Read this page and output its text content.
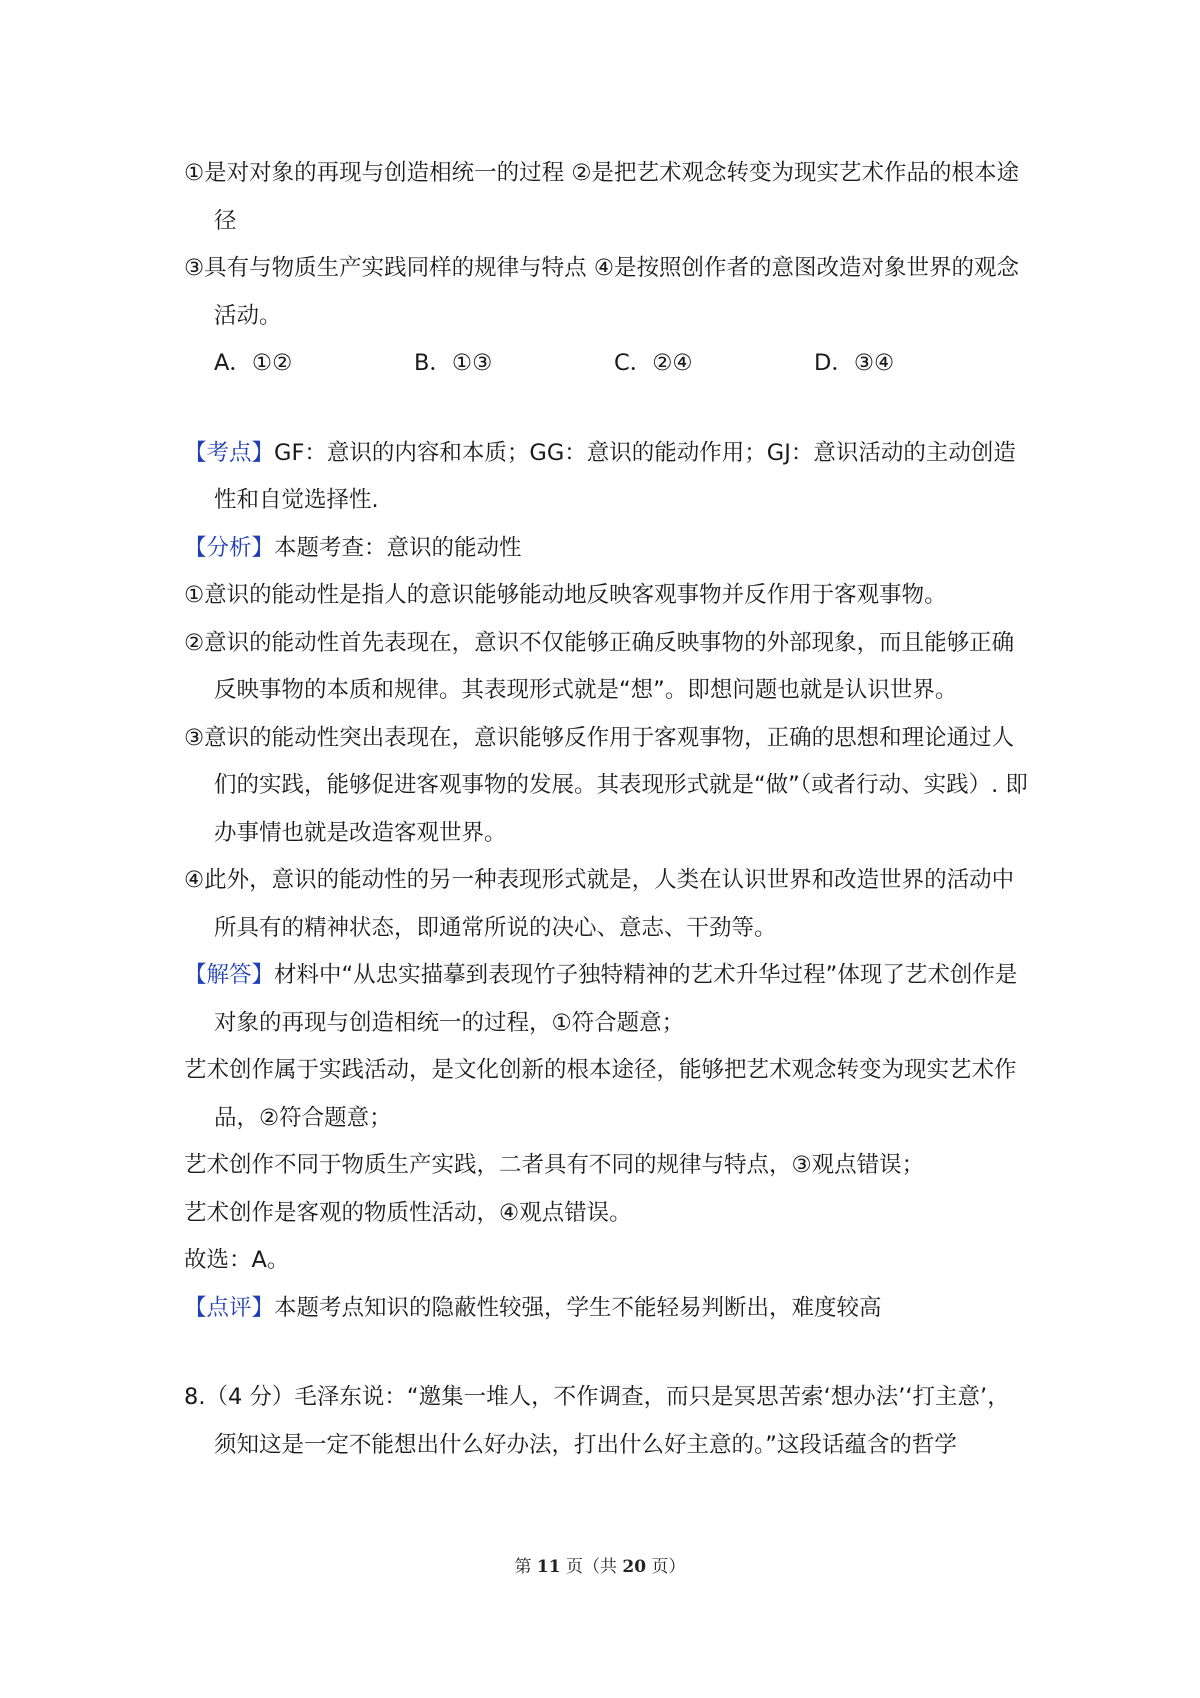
①是对对象的再现与创造相统一的过程 ②是把艺术观念转变为现实艺术作品的根本途径

③具有与物质生产实践同样的规律与特点 ④是按照创作者的意图改造对象世界的观念活动。

A．①②	B．①③	C．②④	D．③④

【考点】GF：意识的内容和本质；GG：意识的能动作用；GJ：意识活动的主动创造性和自觉选择性.

【分析】本题考查：意识的能动性

①意识的能动性是指人的意识能够能动地反映客观事物并反作用于客观事物。

②意识的能动性首先表现在，意识不仅能够正确反映事物的外部现象，而且能够正确反映事物的本质和规律。其表现形式就是“想”。即想问题也就是认识世界。

③意识的能动性突出表现在，意识能够反作用于客观事物，正确的思想和理论通过人们的实践，能够促进客观事物的发展。其表现形式就是“做”（或者行动、实践）. 即办事情也就是改造客观世界。

④此外，意识的能动性的另一种表现形式就是，人类在认识世界和改造世界的活动中所具有的精神状态，即通常所说的决心、意志、干劲等。

【解答】材料中“从忠实描摹到表现竹子独特精神的艺术升华过程”体现了艺术创作是对象的再现与创造相统一的过程，①符合题意；

艺术创作属于实践活动，是文化创新的根本途径，能够把艺术观念转变为现实艺术作品，②符合题意；

艺术创作不同于物质生产实践，二者具有不同的规律与特点，③观点错误；

艺术创作是客观的物质性活动，④观点错误。

故选：A。

【点评】本题考点知识的隐蔽性较强，学生不能轻易判断出，难度较高

8.（4 分）毛泽东说：“邀集一堆人，不作调查，而只是冥思苦索‘想办法’‘打主意’，须知这是一定不能想出什么好办法，打出什么好主意的。”这段话蕴含的哲学

第 11 页（共 20 页）
